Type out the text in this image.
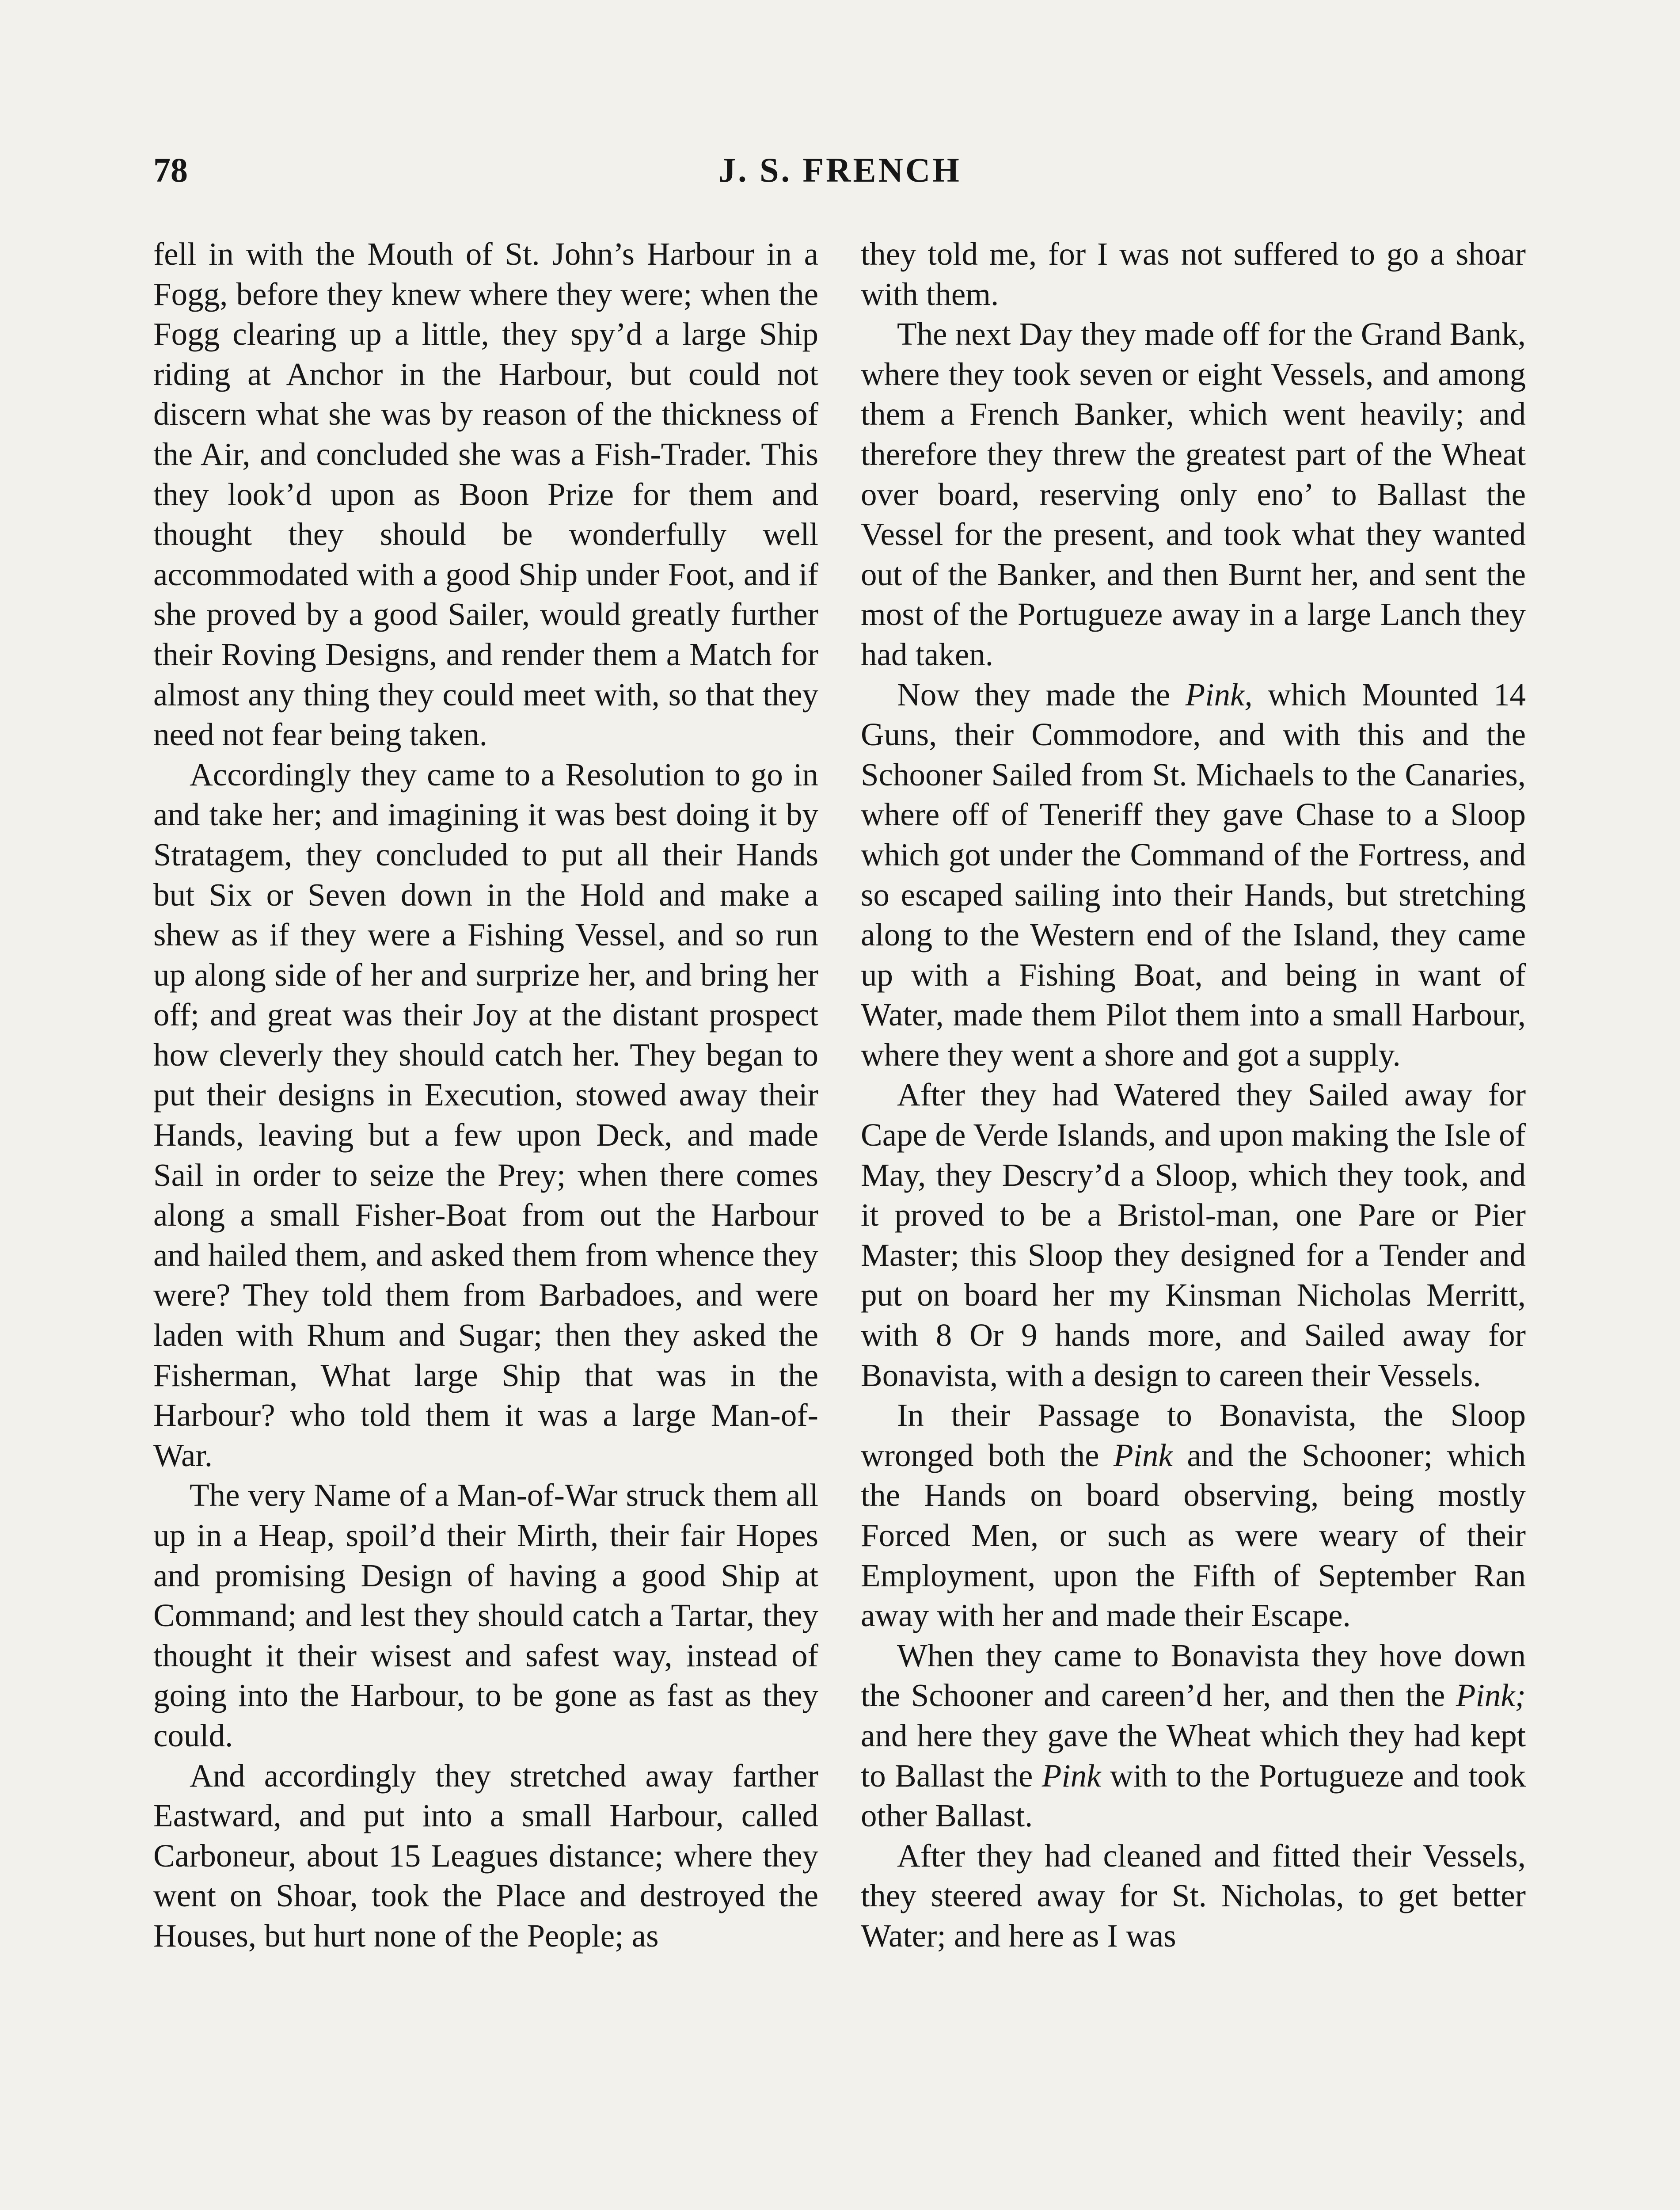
78	J. S. FRENCH

fell in with the Mouth of St. John’s Harbour in a Fogg, before they knew where they were; when the Fogg clearing up a little, they spy’d a large Ship riding at Anchor in the Harbour, but could not discern what she was by reason of the thickness of the Air, and concluded she was a Fish-Trader. This they look’d upon as Boon Prize for them and thought they should be wonderfully well accommodated with a good Ship under Foot, and if she proved by a good Sailer, would greatly further their Roving Designs, and render them a Match for almost any thing they could meet with, so that they need not fear being taken.

Accordingly they came to a Resolution to go in and take her; and imagining it was best doing it by Stratagem, they concluded to put all their Hands but Six or Seven down in the Hold and make a shew as if they were a Fishing Vessel, and so run up along side of her and surprize her, and bring her off; and great was their Joy at the distant prospect how cleverly they should catch her. They began to put their designs in Execution, stowed away their Hands, leaving but a few upon Deck, and made Sail in order to seize the Prey; when there comes along a small Fisher-Boat from out the Harbour and hailed them, and asked them from whence they were? They told them from Barbadoes, and were laden with Rhum and Sugar; then they asked the Fisherman, What large Ship that was in the Harbour? who told them it was a large Man-of-War.

The very Name of a Man-of-War struck them all up in a Heap, spoil’d their Mirth, their fair Hopes and promising Design of having a good Ship at Command; and lest they should catch a Tartar, they thought it their wisest and safest way, instead of going into the Harbour, to be gone as fast as they could.

And accordingly they stretched away farther Eastward, and put into a small Harbour, called Carboneur, about 15 Leagues distance; where they went on Shoar, took the Place and destroyed the Houses, but hurt none of the People; as

they told me, for I was not suffered to go a shoar with them.

The next Day they made off for the Grand Bank, where they took seven or eight Vessels, and among them a French Banker, which went heavily; and therefore they threw the greatest part of the Wheat over board, reserving only eno’ to Ballast the Vessel for the present, and took what they wanted out of the Banker, and then Burnt her, and sent the most of the Portugueze away in a large Lanch they had taken.

Now they made the Pink, which Mounted 14 Guns, their Commodore, and with this and the Schooner Sailed from St. Michaels to the Canaries, where off of Teneriff they gave Chase to a Sloop which got under the Command of the Fortress, and so escaped sailing into their Hands, but stretching along to the Western end of the Island, they came up with a Fishing Boat, and being in want of Water, made them Pilot them into a small Harbour, where they went a shore and got a supply.

After they had Watered they Sailed away for Cape de Verde Islands, and upon making the Isle of May, they Descry’d a Sloop, which they took, and it proved to be a Bristol-man, one Pare or Pier Master; this Sloop they designed for a Tender and put on board her my Kinsman Nicholas Merritt, with 8 Or 9 hands more, and Sailed away for Bonavista, with a design to careen their Vessels.

In their Passage to Bonavista, the Sloop wronged both the Pink and the Schooner; which the Hands on board observing, being mostly Forced Men, or such as were weary of their Employment, upon the Fifth of September Ran away with her and made their Escape.

When they came to Bonavista they hove down the Schooner and careen’d her, and then the Pink; and here they gave the Wheat which they had kept to Ballast the Pink with to the Portugueze and took other Ballast.

After they had cleaned and fitted their Vessels, they steered away for St. Nicholas, to get better Water; and here as I was
